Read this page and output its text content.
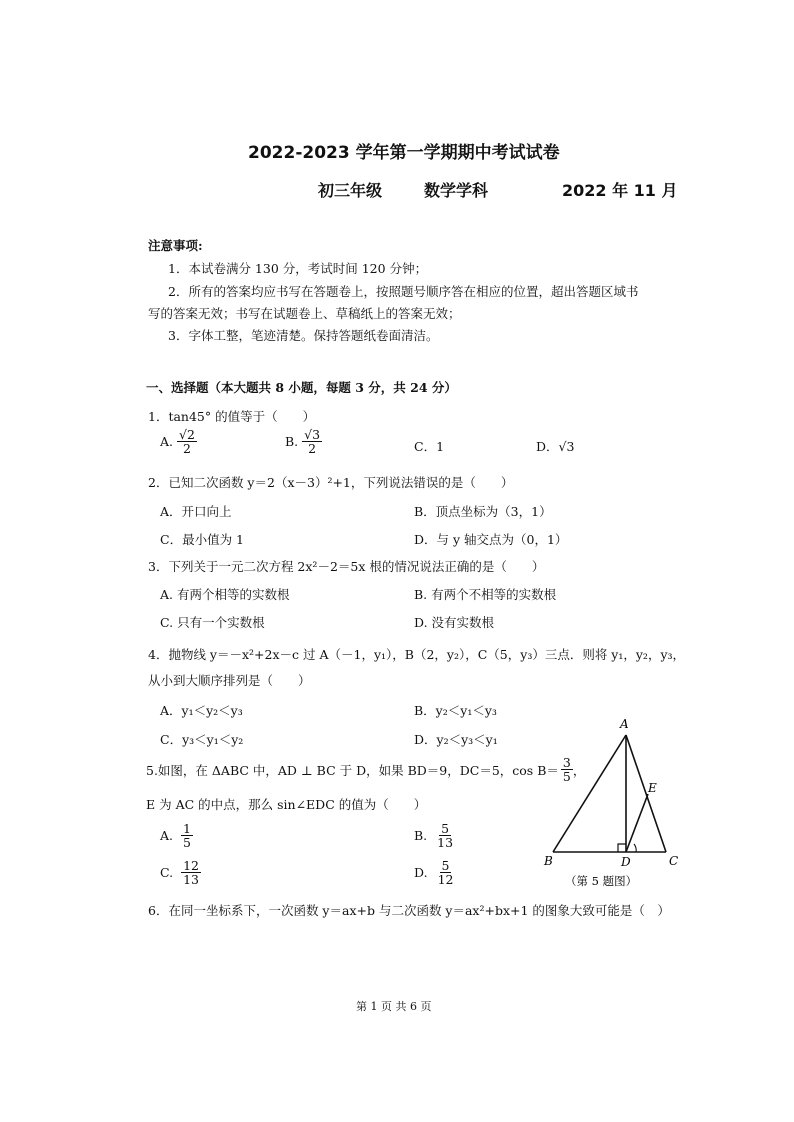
2022-2023 学年第一学期期中考试试卷
初三年级	数学学科	2022 年 11 月
注意事项:
1．本试卷满分 130 分，考试时间 120 分钟；
2．所有的答案均应书写在答题卷上，按照题号顺序答在相应的位置，超出答题区域书
写的答案无效；书写在试题卷上、草稿纸上的答案无效；
3．字体工整，笔迹清楚。保持答题纸卷面清洁。
一、选择题（本大题共 8 小题，每题 3 分，共 24 分）
1．tan45° 的值等于（　　）
A. $\frac{√2}{2}$	B. $\frac{√3}{2}$	C．1	D．√3
2．已知二次函数 y＝2（x－3）²+1，下列说法错误的是（　　）
A．开口向上	B．顶点坐标为（3，1）
C．最小值为 1	D．与 y 轴交点为（0，1）
3．下列关于一元二次方程 2x²－2＝5x 根的情况说法正确的是（　　）
A. 有两个相等的实数根	B. 有两个不相等的实数根
C. 只有一个实数根	D. 没有实数根
4．抛物线 y＝－x²+2x－c 过 A（－1，y₁），B（2，y₂），C（5，y₃）三点．则将 y₁，y₂，y₃，
从小到大顺序排列是（　　）
A．y₁＜y₂＜y₃	B．y₂＜y₁＜y₃
C．y₃＜y₁＜y₂	D．y₂＜y₃＜y₁
5.如图，在 ΔABC 中，AD ⊥ BC 于 D，如果 BD＝9，DC＝5，$\cos B= \frac{3}{5}$ ，
E 为 AC 的中点，那么 sin∠EDC 的值为（　　）
A. $\frac{1}{5}$	B. $\frac{5}{13}$
C. $\frac{12}{13}$	D. $\frac{5}{12}$
A
B	C
D
E
（第 5 题图）
6．在同一坐标系下，一次函数 y＝ax+b 与二次函数 y＝ax²+bx+1 的图象大致可能是（　）
第 1 页 共 6 页
